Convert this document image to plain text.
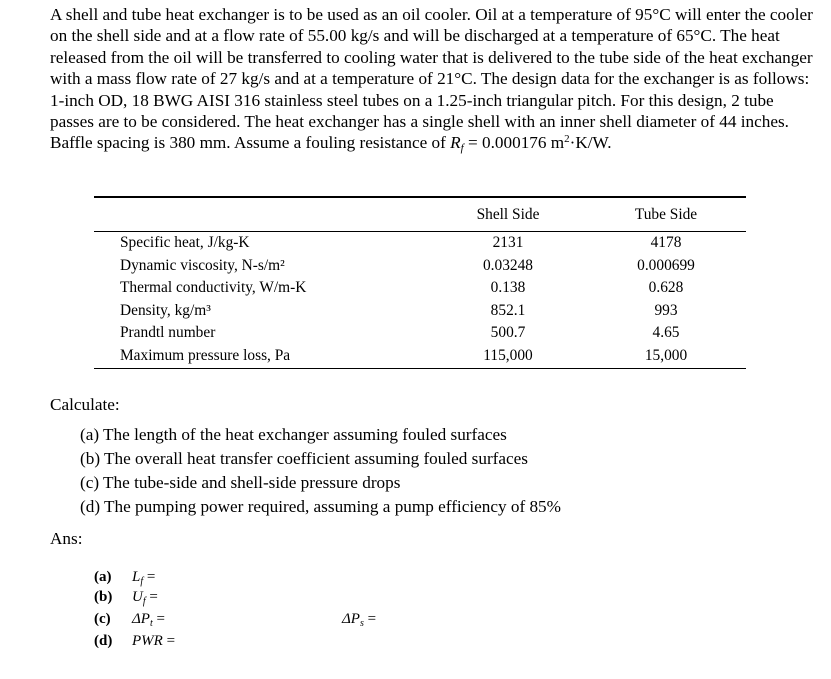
A shell and tube heat exchanger is to be used as an oil cooler. Oil at a temperature of 95°C will enter the cooler on the shell side and at a flow rate of 55.00 kg/s and will be discharged at a temperature of 65°C. The heat released from the oil will be transferred to cooling water that is delivered to the tube side of the heat exchanger with a mass flow rate of 27 kg/s and at a temperature of 21°C. The design data for the exchanger is as follows: 1-inch OD, 18 BWG AISI 316 stainless steel tubes on a 1.25-inch triangular pitch. For this design, 2 tube passes are to be considered. The heat exchanger has a single shell with an inner shell diameter of 44 inches. Baffle spacing is 380 mm. Assume a fouling resistance of $R_f = 0.000176$ $m^2\cdot K/W$.

	Shell Side	Tube Side
Specific heat, J/kg-K	2131	4178
Dynamic viscosity, N-s/m²	0.03248	0.000699
Thermal conductivity, W/m-K	0.138	0.628
Density, kg/m³	852.1	993
Prandtl number	500.7	4.65
Maximum pressure loss, Pa	115,000	15,000

Calculate:

(a) The length of the heat exchanger assuming fouled surfaces
(b) The overall heat transfer coefficient assuming fouled surfaces
(c) The tube-side and shell-side pressure drops
(d) The pumping power required, assuming a pump efficiency of 85%

Ans:

(a) $L_f$ =
(b) $U_f$ =
(c) $\Delta P_t$ =	$\Delta P_s$ =
(d) PWR =
